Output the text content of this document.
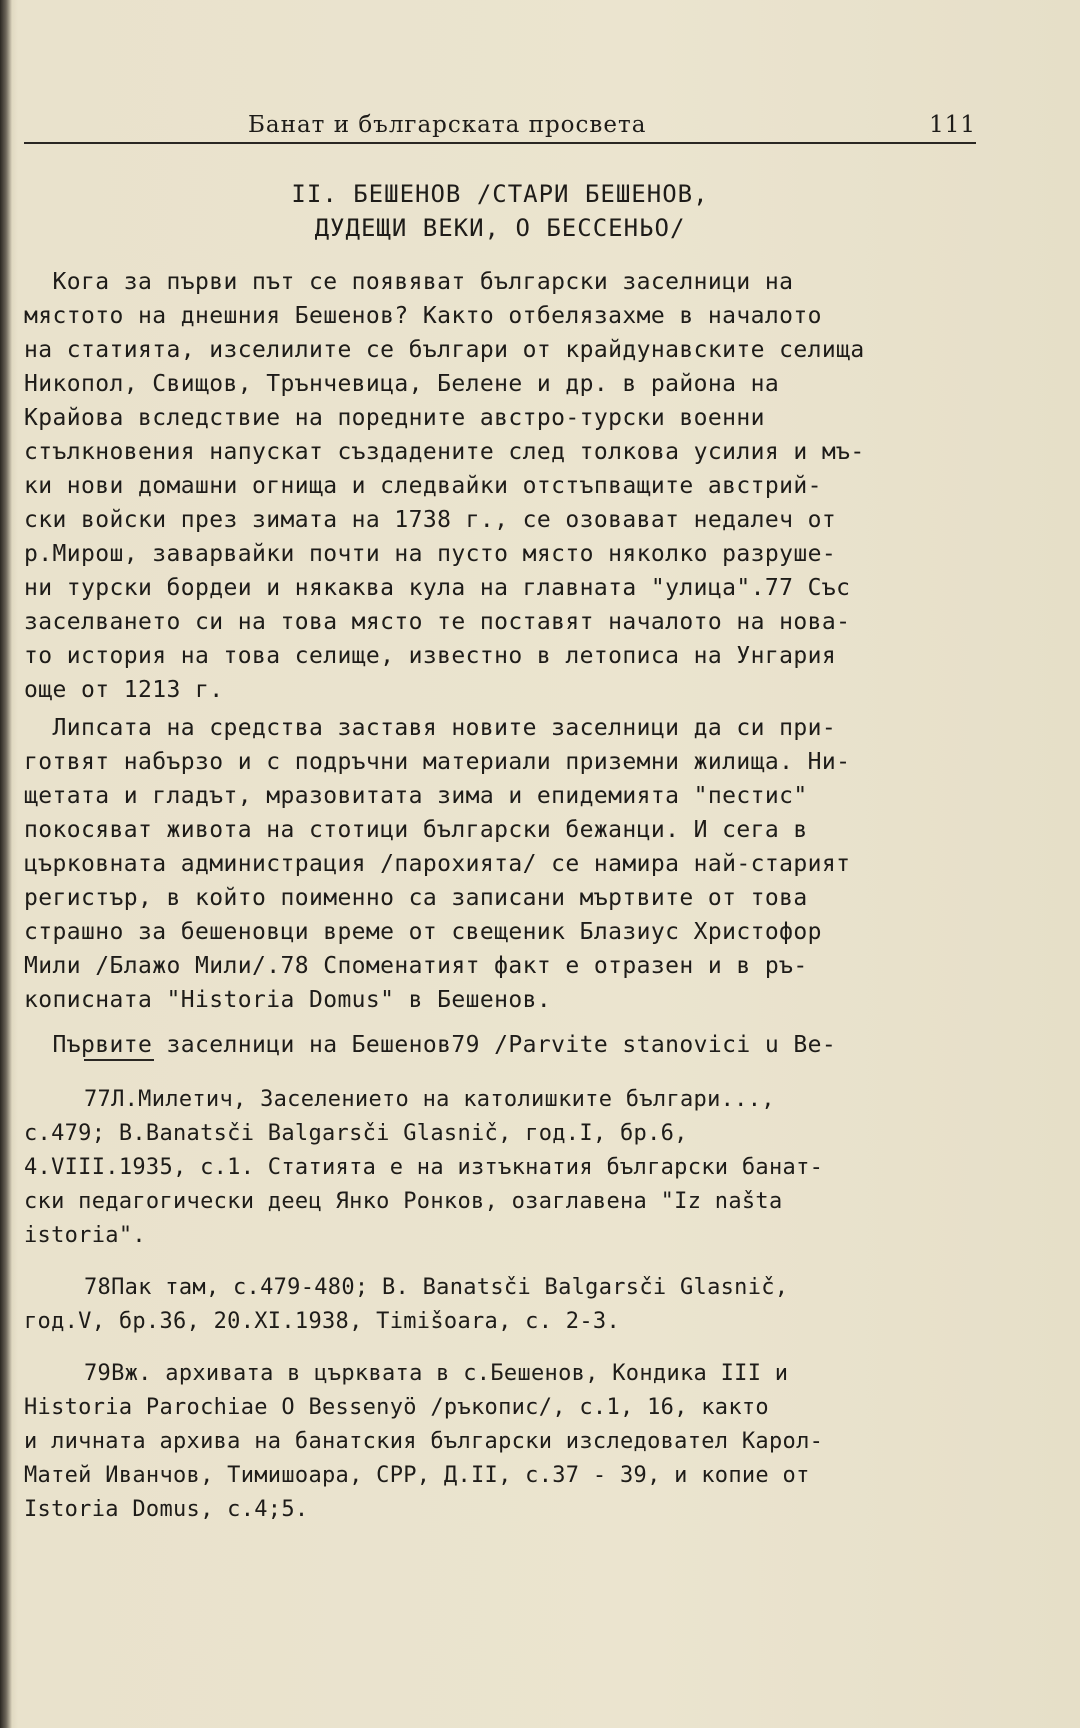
Банат и българската просвета	111
II. БЕШЕНОВ /СТАРИ БЕШЕНОВ,
ДУДЕЩИ ВЕКИ, О БЕССЕНЬО/
Кога за първи път се появяват български заселници на
мястото на днешния Бешенов? Както отбелязахме в началото
на статията, изселилите се българи от крайдунавските селища
Никопол, Свищов, Трънчевица, Белене и др. в района на
Крайова вследствие на поредните австро-турски военни
стълкновения напускат създадените след толкова усилия и мъ-
ки нови домашни огнища и следвайки отстъпващите австрий-
ски войски през зимата на 1738 г., се озовават недалеч от
р.Мирош, заварвайки почти на пусто място няколко разруше-
ни турски бордеи и някаква кула на главната "улица".77 Със
заселването си на това място те поставят началото на нова-
то история на това селище, известно в летописа на Унгария
още от 1213 г.
Липсата на средства заставя новите заселници да си при-
готвят набързо и с подръчни материали приземни жилища. Ни-
щетата и гладът, мразовитата зима и епидемията "пестис"
покосяват живота на стотици български бежанци. И сега в
църковната администрация /парохията/ се намира най-старият
регистър, в който поименно са записани мъртвите от това
страшно за бешеновци време от свещеник Блазиус Христофор
Мили /Блажо Мили/.78 Споменатият факт е отразен и в ръ-
кописната "Historia Domus" в Бешенов.
Първите заселници на Бешенов79 /Parvite stanovici u Be-
77Л.Милетич, Заселението на католишките българи...,
с.479; В.Banatsči Balgarsči Glasnič, год.I, бр.6,
4.VIII.1935, с.1. Статията е на изтъкнатия български банат-
ски педагогически деец Янко Ронков, озаглавена "Iz našta
istoria".
78Пак там, с.479-480; В. Banatsči Balgarsči Glasnič,
год.V, бр.36, 20.XI.1938, Timišoara, с. 2-3.
79Вж. архивата в църквата в с.Бешенов, Кондика III и
Historia Parochiae O Bessenyö /ръкопис/, с.1, 16, както
и личната архива на банатския български изследовател Карол-
Матей Иванчов, Тимишоара, СРР, Д.II, с.37 - 39, и копие от
Istoria Domus, с.4;5.
